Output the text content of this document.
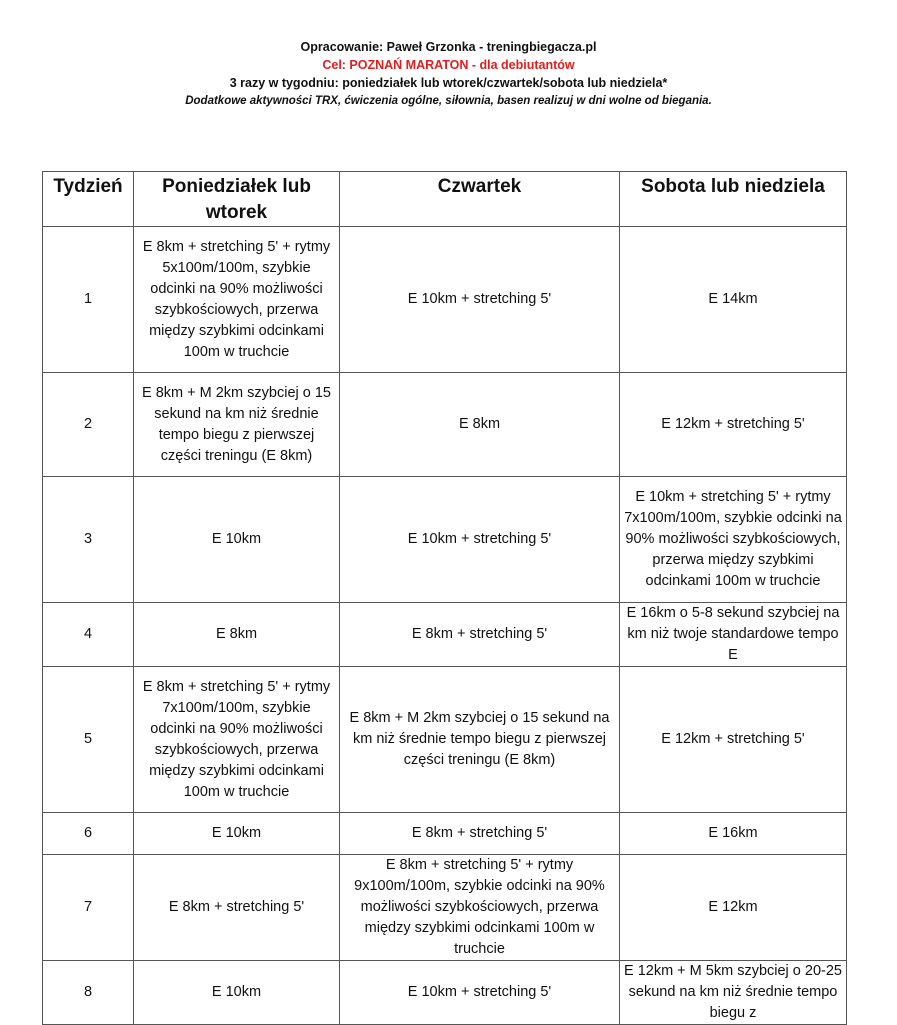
Opracowanie: Paweł Grzonka - treningbiegacza.pl
Cel: POZNAŃ MARATON - dla debiutantów
3 razy w tygodniu: poniedziałek lub wtorek/czwartek/sobota lub niedziela*
Dodatkowe aktywności TRX, ćwiczenia ogólne, siłownia, basen realizuj w dni wolne od biegania.
Tydzień	Poniedziałek lub wtorek	Czwartek	Sobota lub niedziela
1	E 8km + stretching 5' + rytmy 5x100m/100m, szybkie odcinki na 90% możliwości szybkościowych, przerwa między szybkimi odcinkami 100m w truchcie	E 10km + stretching 5'	E 14km
2	E 8km + M 2km szybciej o 15 sekund na km niż średnie tempo biegu z pierwszej części treningu (E 8km)	E 8km	E 12km + stretching 5'
3	E 10km	E 10km + stretching 5'	E 10km + stretching 5' + rytmy 7x100m/100m, szybkie odcinki na 90% możliwości szybkościowych, przerwa między szybkimi odcinkami 100m w truchcie
4	E 8km	E 8km + stretching 5'	E 16km o 5-8 sekund szybciej na km niż twoje standardowe tempo E
5	E 8km + stretching 5' + rytmy 7x100m/100m, szybkie odcinki na 90% możliwości szybkościowych, przerwa między szybkimi odcinkami 100m w truchcie	E 8km + M 2km szybciej o 15 sekund na km niż średnie tempo biegu z pierwszej części treningu (E 8km)	E 12km + stretching 5'
6	E 10km	E 8km + stretching 5'	E 16km
7	E 8km + stretching 5'	E 8km + stretching 5' + rytmy 9x100m/100m, szybkie odcinki na 90% możliwości szybkościowych, przerwa między szybkimi odcinkami 100m w truchcie	E 12km
8	E 10km	E 10km + stretching 5'	E 12km + M 5km szybciej o 20-25 sekund na km niż średnie tempo biegu z
